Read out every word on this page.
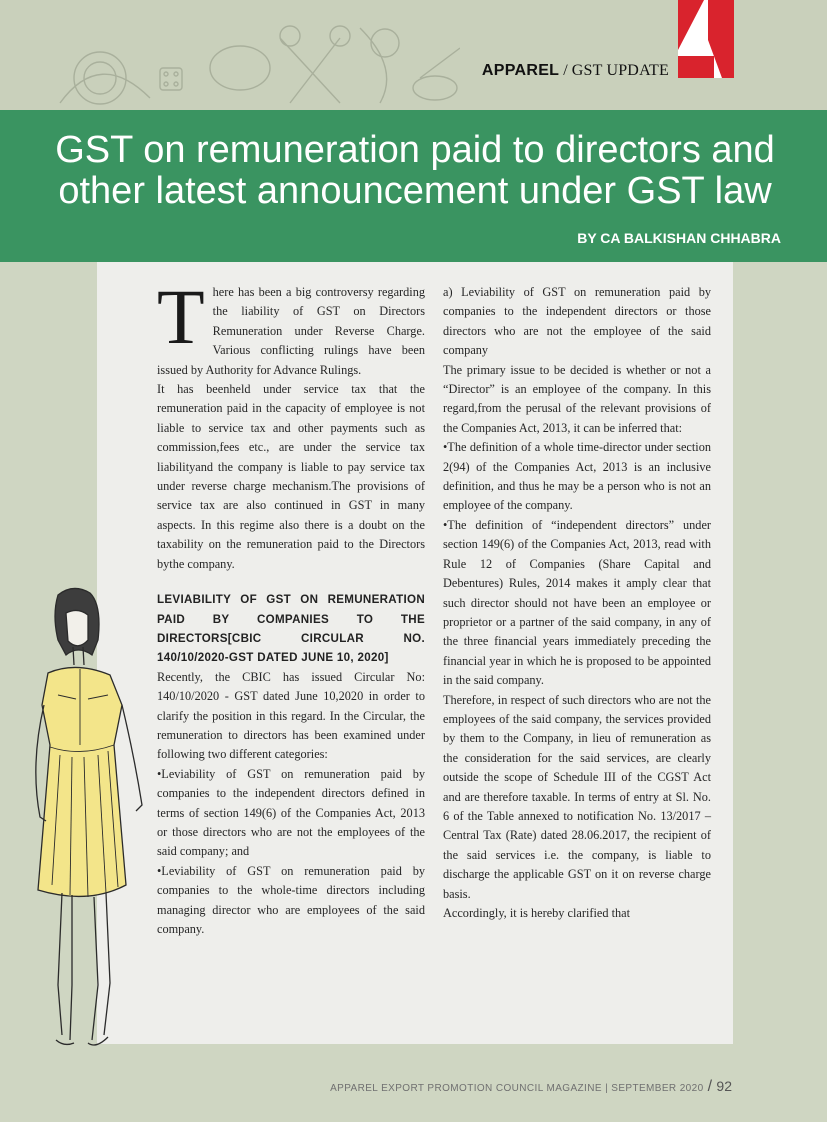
APPAREL / GST UPDATE
GST on remuneration paid to directors and other latest announcement under GST law
BY CA BALKISHAN CHHABRA

There has been a big controversy regarding the liability of GST on Directors Remuneration under Reverse Charge. Various conflicting rulings have been issued by Authority for Advance Rulings.

It has beenheld under service tax that the remuneration paid in the capacity of employee is not liable to service tax and other payments such as commission,fees etc., are under the service tax liabilityand the company is liable to pay service tax under reverse charge mechanism.The provisions of service tax are also continued in GST in many aspects. In this regime also there is a doubt on the taxability on the remuneration paid to the Directors bythe company.

LEVIABILITY OF GST ON REMUNERATION PAID BY COMPANIES TO THE DIRECTORS[CBIC CIRCULAR NO. 140/10/2020-GST DATED JUNE 10, 2020]

Recently, the CBIC has issued Circular No: 140/10/2020 - GST dated June 10,2020 in order to clarify the position in this regard. In the Circular, the remuneration to directors has been examined under following two different categories:

•Leviability of GST on remuneration paid by companies to the independent directors defined in terms of section 149(6) of the Companies Act, 2013 or those directors who are not the employees of the said company; and

•Leviability of GST on remuneration paid by companies to the whole-time directors including managing director who are employees of the said company.

a) Leviability of GST on remuneration paid by companies to the independent directors or those directors who are not the employee of the said company

The primary issue to be decided is whether or not a “Director” is an employee of the company. In this regard,from the perusal of the relevant provisions of the Companies Act, 2013, it can be inferred that:

•The definition of a whole time-director under section 2(94) of the Companies Act, 2013 is an inclusive definition, and thus he may be a person who is not an employee of the company.

•The definition of “independent directors” under section 149(6) of the Companies Act, 2013, read with Rule 12 of Companies (Share Capital and Debentures) Rules, 2014 makes it amply clear that such director should not have been an employee or proprietor or a partner of the said company, in any of the three financial years immediately preceding the financial year in which he is proposed to be appointed in the said company.

Therefore, in respect of such directors who are not the employees of the said company, the services provided by them to the Company, in lieu of remuneration as the consideration for the said services, are clearly outside the scope of Schedule III of the CGST Act and are therefore taxable. In terms of entry at Sl. No. 6 of the Table annexed to notification No. 13/2017 – Central Tax (Rate) dated 28.06.2017, the recipient of the said services i.e. the company, is liable to discharge the applicable GST on it on reverse charge basis.

Accordingly, it is hereby clarified that

APPAREL EXPORT PROMOTION COUNCIL MAGAZINE | SEPTEMBER 2020 / 92
